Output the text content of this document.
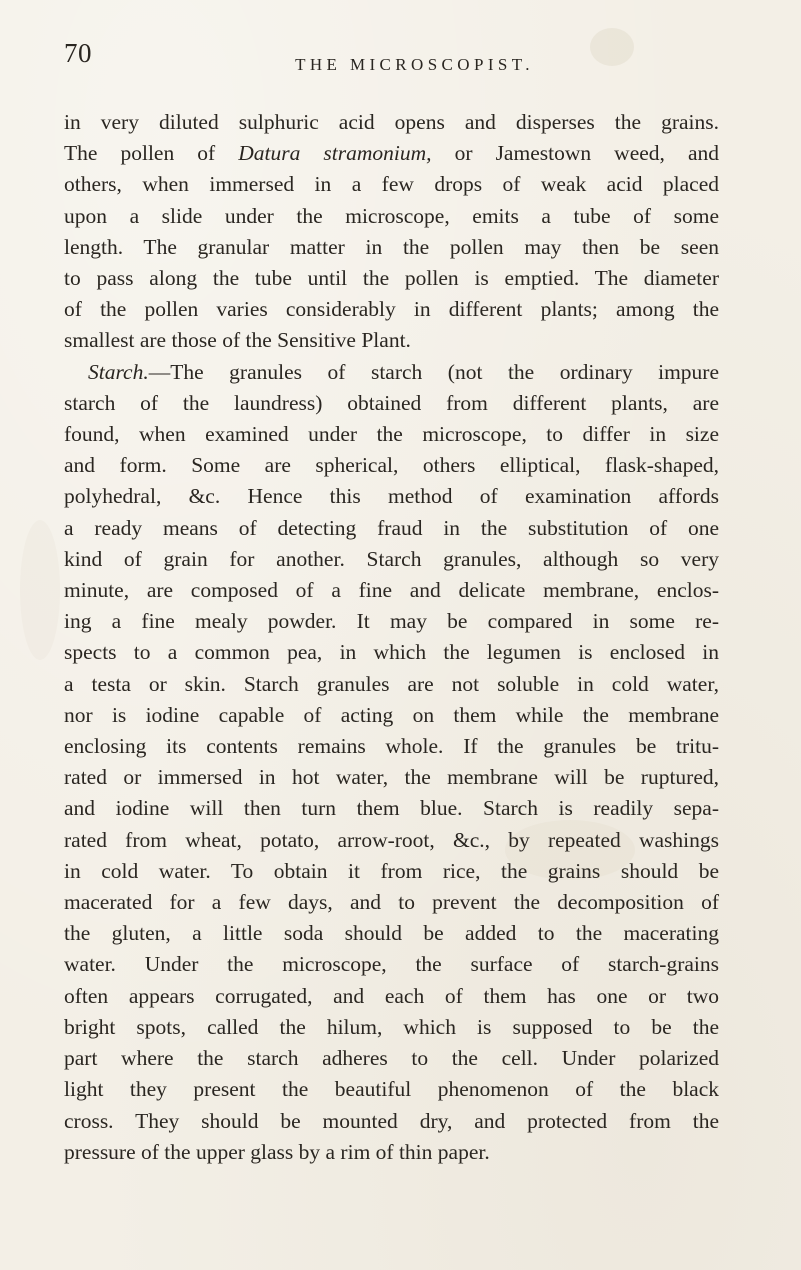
70	THE MICROSCOPIST.
in very diluted sulphuric acid opens and disperses the grains.
The pollen of Datura stramonium, or Jamestown weed, and
others, when immersed in a few drops of weak acid placed
upon a slide under the microscope, emits a tube of some
length. The granular matter in the pollen may then be seen
to pass along the tube until the pollen is emptied. The diameter
of the pollen varies considerably in different plants; among the
smallest are those of the Sensitive Plant.
Starch.—The granules of starch (not the ordinary impure
starch of the laundress) obtained from different plants, are
found, when examined under the microscope, to differ in size
and form. Some are spherical, others elliptical, flask-shaped,
polyhedral, &c. Hence this method of examination affords
a ready means of detecting fraud in the substitution of one
kind of grain for another. Starch granules, although so very
minute, are composed of a fine and delicate membrane, enclos-
ing a fine mealy powder. It may be compared in some re-
spects to a common pea, in which the legumen is enclosed in
a testa or skin. Starch granules are not soluble in cold water,
nor is iodine capable of acting on them while the membrane
enclosing its contents remains whole. If the granules be tritu-
rated or immersed in hot water, the membrane will be ruptured,
and iodine will then turn them blue. Starch is readily sepa-
rated from wheat, potato, arrow-root, &c., by repeated washings
in cold water. To obtain it from rice, the grains should be
macerated for a few days, and to prevent the decomposition of
the gluten, a little soda should be added to the macerating
water. Under the microscope, the surface of starch-grains
often appears corrugated, and each of them has one or two
bright spots, called the hilum, which is supposed to be the
part where the starch adheres to the cell. Under polarized
light they present the beautiful phenomenon of the black
cross. They should be mounted dry, and protected from the
pressure of the upper glass by a rim of thin paper.
